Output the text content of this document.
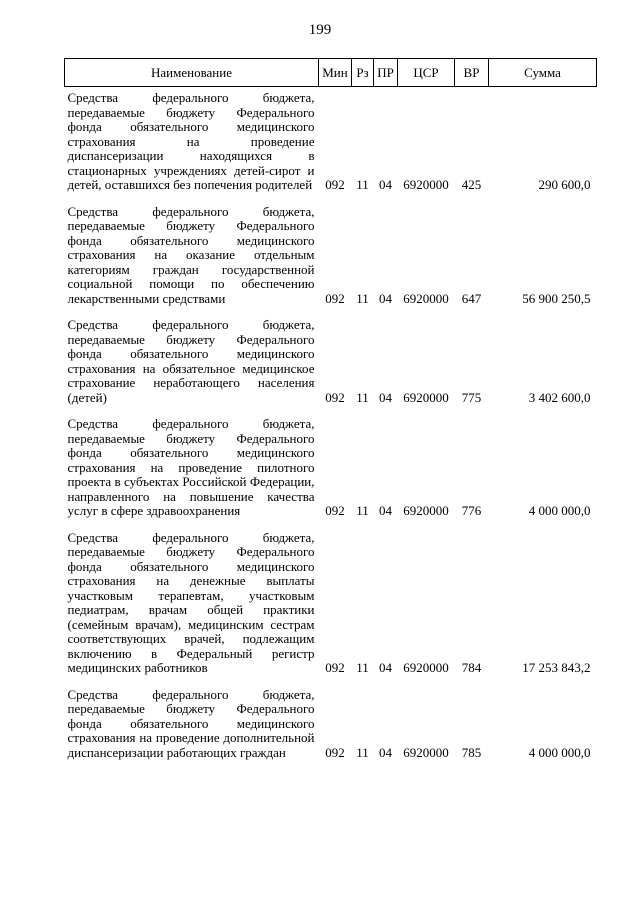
199
Наименование	Мин	Рз	ПР	ЦСР	ВР	Сумма
Средства федерального бюджета, передаваемые бюджету Федерального фонда обязательного медицинского страхования на проведение диспансеризации находящихся в стационарных учреждениях детей-сирот и детей, оставшихся без попечения родителей	092	11	04	6920000	425	290 600,0
Средства федерального бюджета, передаваемые бюджету Федерального фонда обязательного медицинского страхования на оказание отдельным категориям граждан государственной социальной помощи по обеспечению лекарственными средствами	092	11	04	6920000	647	56 900 250,5
Средства федерального бюджета, передаваемые бюджету Федерального фонда обязательного медицинского страхования на обязательное медицинское страхование неработающего населения (детей)	092	11	04	6920000	775	3 402 600,0
Средства федерального бюджета, передаваемые бюджету Федерального фонда обязательного медицинского страхования на проведение пилотного проекта в субъектах Российской Федерации, направленного на повышение качества услуг в сфере здравоохранения	092	11	04	6920000	776	4 000 000,0
Средства федерального бюджета, передаваемые бюджету Федерального фонда обязательного медицинского страхования на денежные выплаты участковым терапевтам, участковым педиатрам, врачам общей практики (семейным врачам), медицинским сестрам соответствующих врачей, подлежащим включению в Федеральный регистр медицинских работников	092	11	04	6920000	784	17 253 843,2
Средства федерального бюджета, передаваемые бюджету Федерального фонда обязательного медицинского страхования на проведение дополнительной диспансеризации работающих граждан	092	11	04	6920000	785	4 000 000,0
